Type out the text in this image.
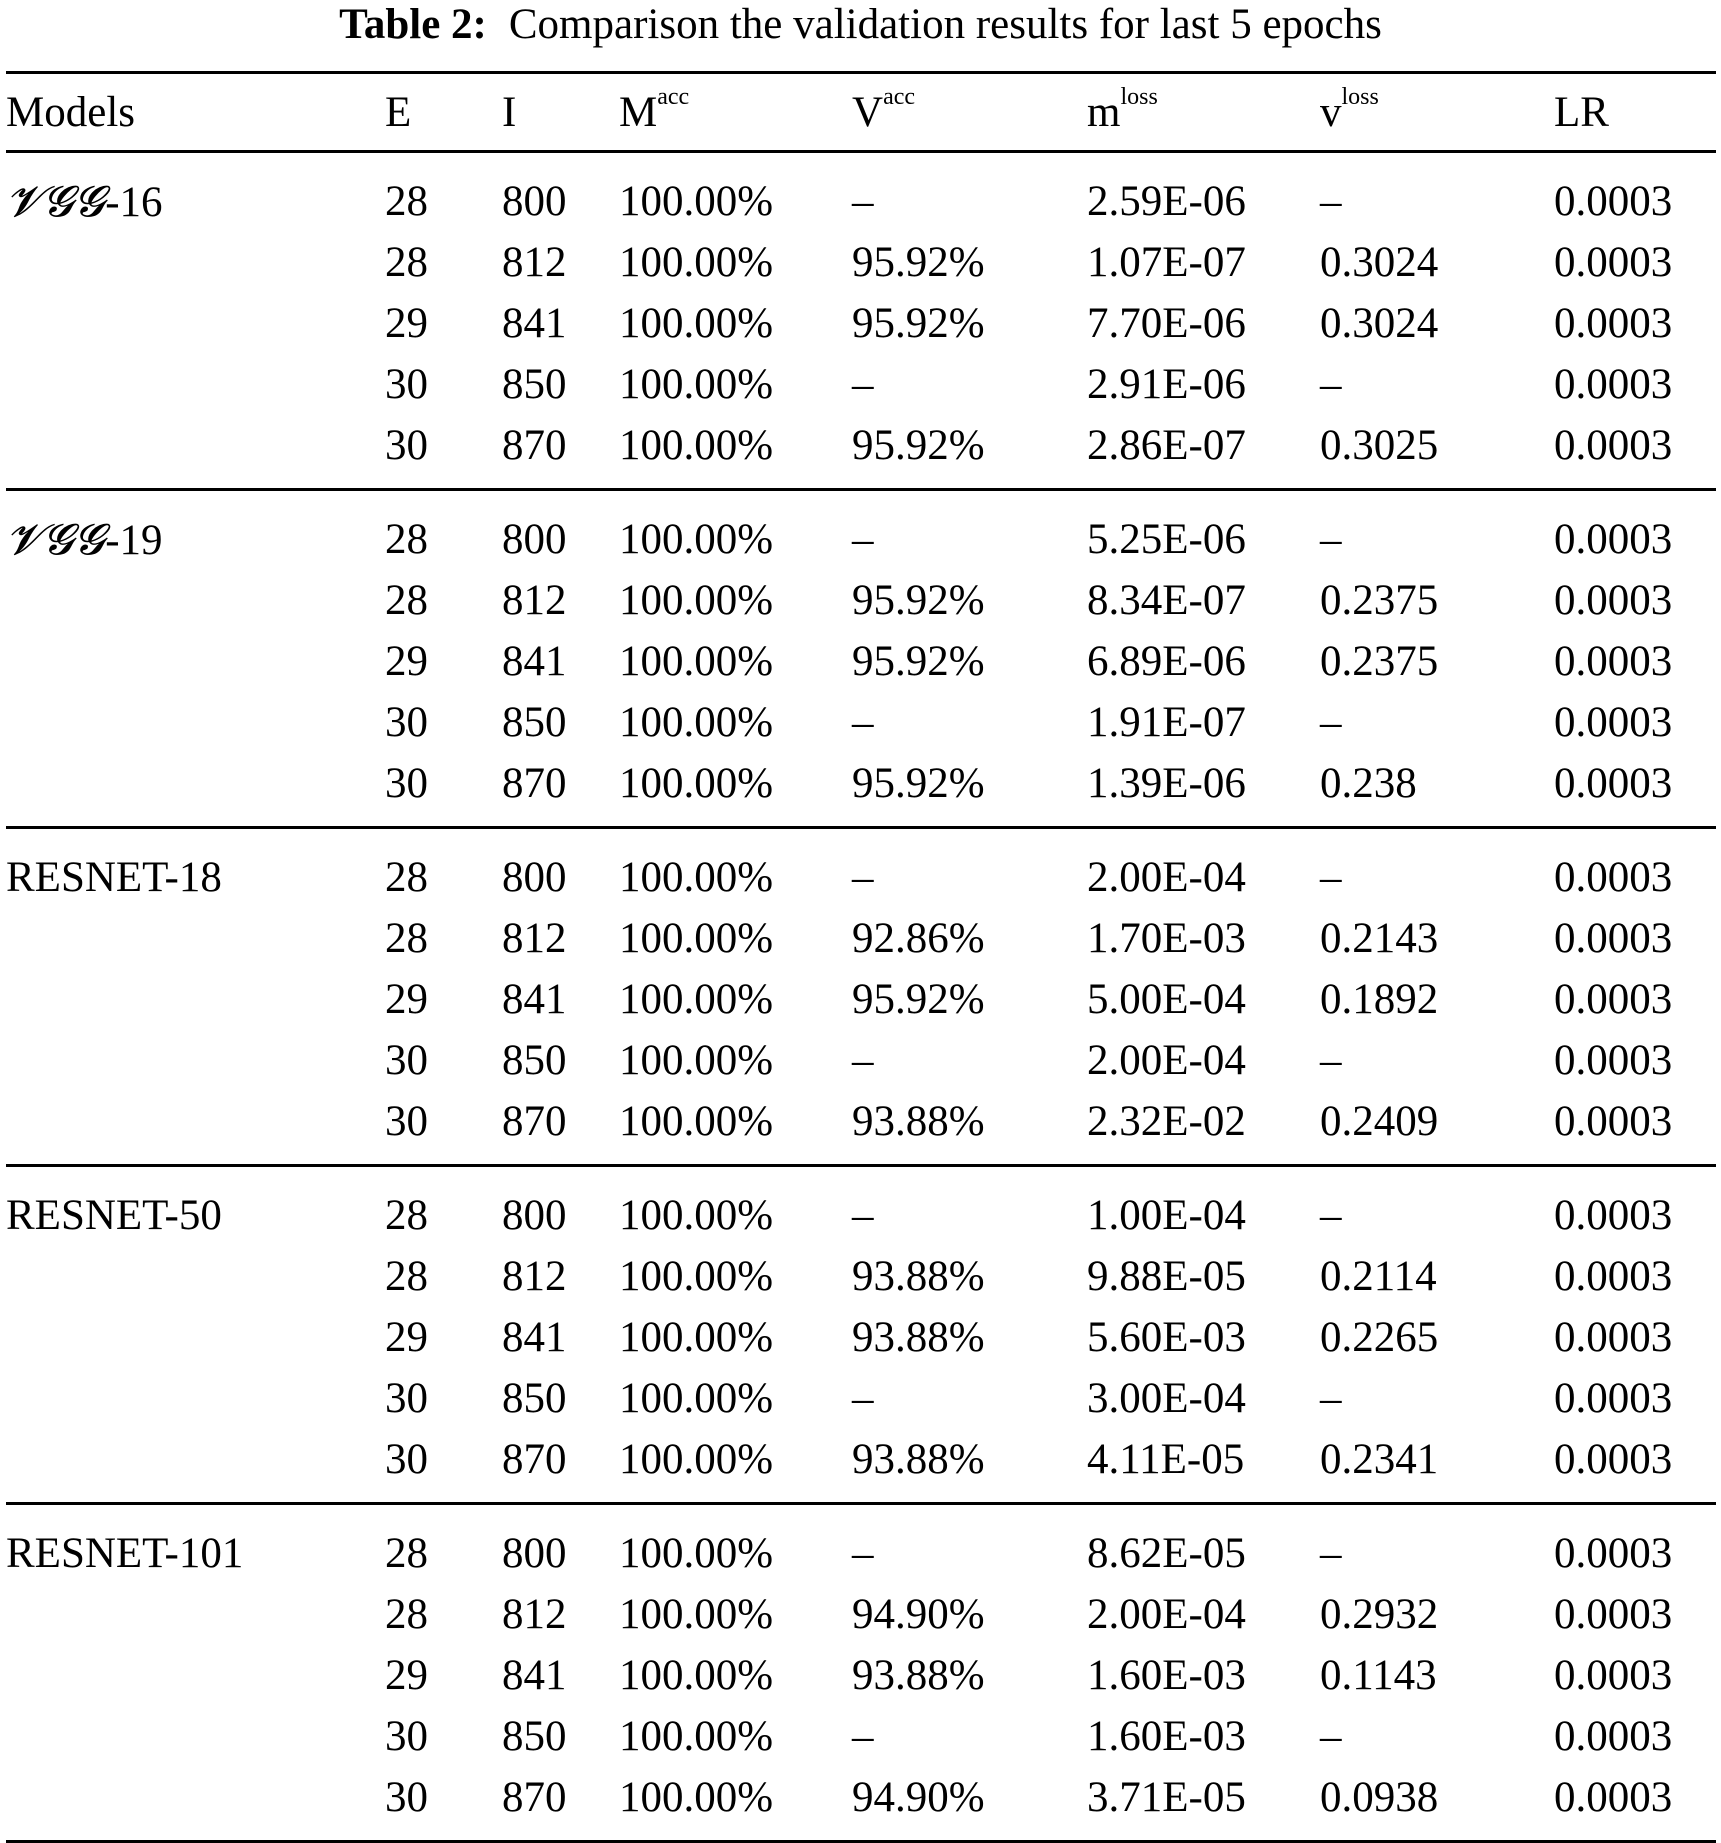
Table 2: Comparison the validation results for last 5 epochs
Models	E	I	$M^{acc}$	$V^{acc}$	$m^{loss}$	$v^{loss}$	LR
𝓥𝓖𝓖-16	28	800	100.00%	–	2.59E-06	–	0.0003
	28	812	100.00%	95.92%	1.07E-07	0.3024	0.0003
	29	841	100.00%	95.92%	7.70E-06	0.3024	0.0003
	30	850	100.00%	–	2.91E-06	–	0.0003
	30	870	100.00%	95.92%	2.86E-07	0.3025	0.0003
𝓥𝓖𝓖-19	28	800	100.00%	–	5.25E-06	–	0.0003
	28	812	100.00%	95.92%	8.34E-07	0.2375	0.0003
	29	841	100.00%	95.92%	6.89E-06	0.2375	0.0003
	30	850	100.00%	–	1.91E-07	–	0.0003
	30	870	100.00%	95.92%	1.39E-06	0.238	0.0003
RESNET-18	28	800	100.00%	–	2.00E-04	–	0.0003
	28	812	100.00%	92.86%	1.70E-03	0.2143	0.0003
	29	841	100.00%	95.92%	5.00E-04	0.1892	0.0003
	30	850	100.00%	–	2.00E-04	–	0.0003
	30	870	100.00%	93.88%	2.32E-02	0.2409	0.0003
RESNET-50	28	800	100.00%	–	1.00E-04	–	0.0003
	28	812	100.00%	93.88%	9.88E-05	0.2114	0.0003
	29	841	100.00%	93.88%	5.60E-03	0.2265	0.0003
	30	850	100.00%	–	3.00E-04	–	0.0003
	30	870	100.00%	93.88%	4.11E-05	0.2341	0.0003
RESNET-101	28	800	100.00%	–	8.62E-05	–	0.0003
	28	812	100.00%	94.90%	2.00E-04	0.2932	0.0003
	29	841	100.00%	93.88%	1.60E-03	0.1143	0.0003
	30	850	100.00%	–	1.60E-03	–	0.0003
	30	870	100.00%	94.90%	3.71E-05	0.0938	0.0003
